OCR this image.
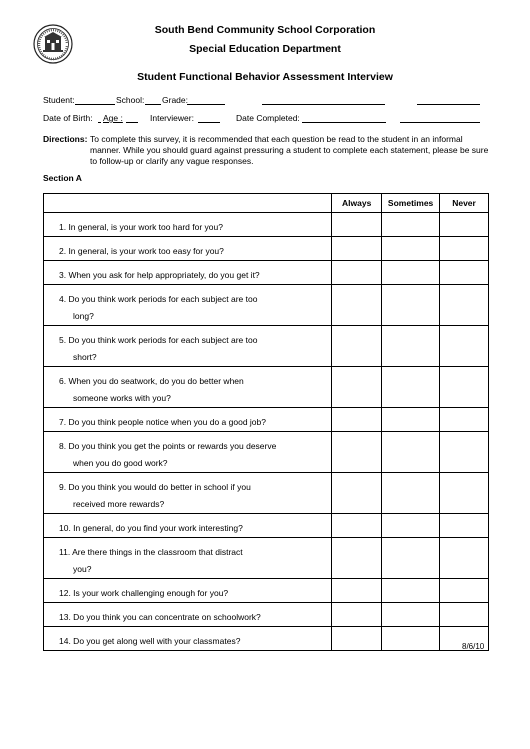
South Bend Community School Corporation
Special Education Department
Student Functional Behavior Assessment Interview
Student:	School: Grade:
Date of Birth: Age :	Interviewer:	Date Completed:
Directions: To complete this survey, it is recommended that each question be read to the student in an informal manner. While you should guard against pressuring a student to complete each statement, please be sure to follow-up or clarify any vague responses.
Section A
	Always	Sometimes	Never

1. In general, is your work too hard for you?			

2. In general, is your work too easy for you?			

3. When you ask for help appropriately, do you get it?			

4. Do you think work periods for each subject are too
long?			

5. Do you think work periods for each subject are too
short?			

6. When you do seatwork, do you do better when
someone works with you?			

7. Do you think people notice when you do a good job?			

8. Do you think you get the points or rewards you deserve
when you do good work?			

9. Do you think you would do better in school if you
received more rewards?			

10. In general, do you find your work interesting?			

11. Are there things in the classroom that distract
you?			

12. Is your work challenging enough for you?			

13. Do you think you can concentrate on schoolwork?			

14. Do you get along well with your classmates?			

8/6/10
